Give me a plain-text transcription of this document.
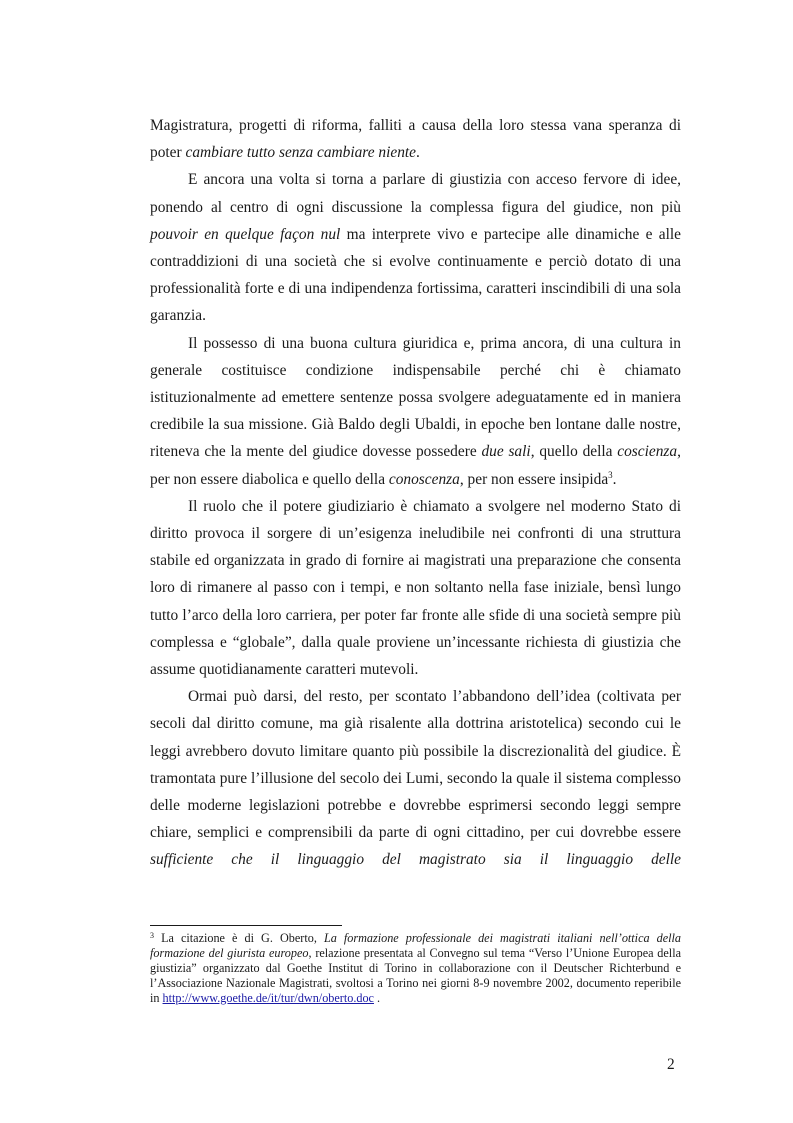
Magistratura, progetti di riforma, falliti a causa della loro stessa vana speranza di poter cambiare tutto senza cambiare niente.

E ancora una volta si torna a parlare di giustizia con acceso fervore di idee, ponendo al centro di ogni discussione la complessa figura del giudice, non più pouvoir en quelque façon nul ma interprete vivo e partecipe alle dinamiche e alle contraddizioni di una società che si evolve continuamente e perciò dotato di una professionalità forte e di una indipendenza fortissima, caratteri inscindibili di una sola garanzia.

Il possesso di una buona cultura giuridica e, prima ancora, di una cultura in generale costituisce condizione indispensabile perché chi è chiamato istituzionalmente ad emettere sentenze possa svolgere adeguatamente ed in maniera credibile la sua missione. Già Baldo degli Ubaldi, in epoche ben lontane dalle nostre, riteneva che la mente del giudice dovesse possedere due sali, quello della coscienza, per non essere diabolica e quello della conoscenza, per non essere insipida$^3$.

Il ruolo che il potere giudiziario è chiamato a svolgere nel moderno Stato di diritto provoca il sorgere di un’esigenza ineludibile nei confronti di una struttura stabile ed organizzata in grado di fornire ai magistrati una preparazione che consenta loro di rimanere al passo con i tempi, e non soltanto nella fase iniziale, bensì lungo tutto l’arco della loro carriera, per poter far fronte alle sfide di una società sempre più complessa e “globale”, dalla quale proviene un’incessante richiesta di giustizia che assume quotidianamente caratteri mutevoli.

Ormai può darsi, del resto, per scontato l’abbandono dell’idea (coltivata per secoli dal diritto comune, ma già risalente alla dottrina aristotelica) secondo cui le leggi avrebbero dovuto limitare quanto più possibile la discrezionalità del giudice. È tramontata pure l’illusione del secolo dei Lumi, secondo la quale il sistema complesso delle moderne legislazioni potrebbe e dovrebbe esprimersi secondo leggi sempre chiare, semplici e comprensibili da parte di ogni cittadino, per cui dovrebbe essere sufficiente che il linguaggio del magistrato sia il linguaggio delle

$^3$ La citazione è di G. Oberto, La formazione professionale dei magistrati italiani nell’ottica della formazione del giurista europeo, relazione presentata al Convegno sul tema “Verso l’Unione Europea della giustizia” organizzato dal Goethe Institut di Torino in collaborazione con il Deutscher Richterbund e l’Associazione Nazionale Magistrati, svoltosi a Torino nei giorni 8-9 novembre 2002, documento reperibile in http://www.goethe.de/it/tur/dwn/oberto.doc .
2
